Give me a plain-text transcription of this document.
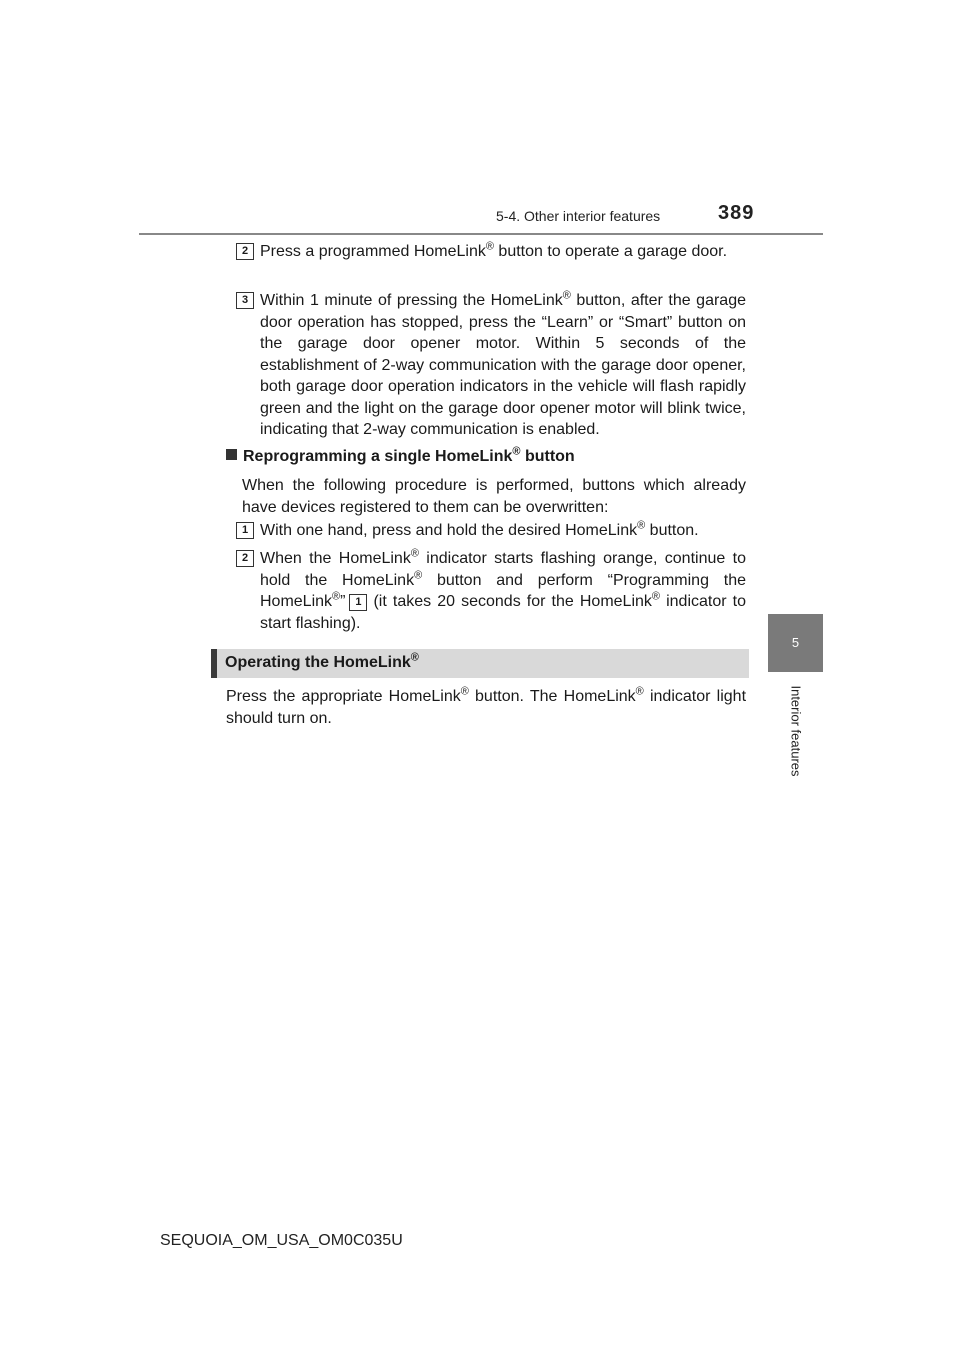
5-4. Other interior features	389
5
Interior features
2 Press a programmed HomeLink® button to operate a garage door.
3 Within 1 minute of pressing the HomeLink® button, after the garage door operation has stopped, press the “Learn” or “Smart” button on the garage door opener motor. Within 5 seconds of the establishment of 2-way communication with the garage door opener, both garage door operation indicators in the vehicle will flash rapidly green and the light on the garage door opener motor will blink twice, indicating that 2-way communication is enabled.
Reprogramming a single HomeLink® button
When the following procedure is performed, buttons which already have devices registered to them can be overwritten:
1 With one hand, press and hold the desired HomeLink® button.
2 When the HomeLink® indicator starts flashing orange, continue to hold the HomeLink® button and perform “Programming the HomeLink®” 1 (it takes 20 seconds for the HomeLink® indicator to start flashing).
Operating the HomeLink®
Press the appropriate HomeLink® button. The HomeLink® indicator light should turn on.
SEQUOIA_OM_USA_OM0C035U
